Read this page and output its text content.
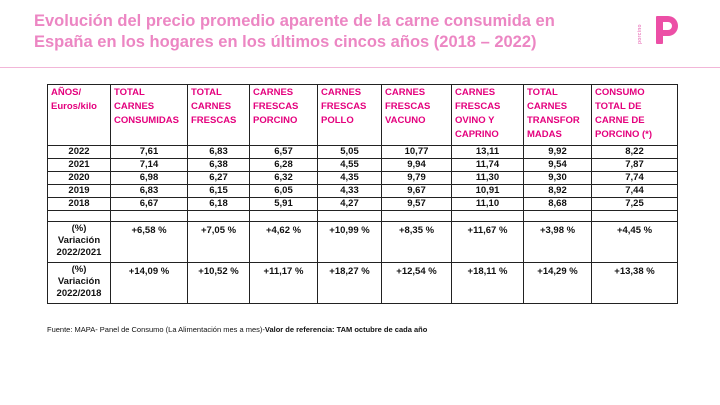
Evolución del precio promedio aparente de la carne consumida en España en los hogares en los últimos cincos años (2018 – 2022)	porcino
AÑOS/ Euros/kilo	TOTAL CARNES CONSUMIDAS	TOTAL CARNES FRESCAS	CARNES FRESCAS PORCINO	CARNES FRESCAS POLLO	CARNES FRESCAS VACUNO	CARNES FRESCAS OVINO Y CAPRINO	TOTAL CARNES TRANSFOR MADAS	CONSUMO TOTAL DE CARNE DE PORCINO (*)
2022	7,61	6,83	6,57	5,05	10,77	13,11	9,92	8,22
2021	7,14	6,38	6,28	4,55	9,94	11,74	9,54	7,87
2020	6,98	6,27	6,32	4,35	9,79	11,30	9,30	7,74
2019	6,83	6,15	6,05	4,33	9,67	10,91	8,92	7,44
2018	6,67	6,18	5,91	4,27	9,57	11,10	8,68	7,25

(%) Variación 2022/2021	+6,58 %	+7,05 %	+4,62 %	+10,99 %	+8,35 %	+11,67 %	+3,98 %	+4,45 %
(%) Variación 2022/2018	+14,09 %	+10,52 %	+11,17 %	+18,27 %	+12,54 %	+18,11 %	+14,29 %	+13,38 %
Fuente: MAPA- Panel de Consumo (La Alimentación mes a mes)-Valor de referencia: TAM octubre de cada año
